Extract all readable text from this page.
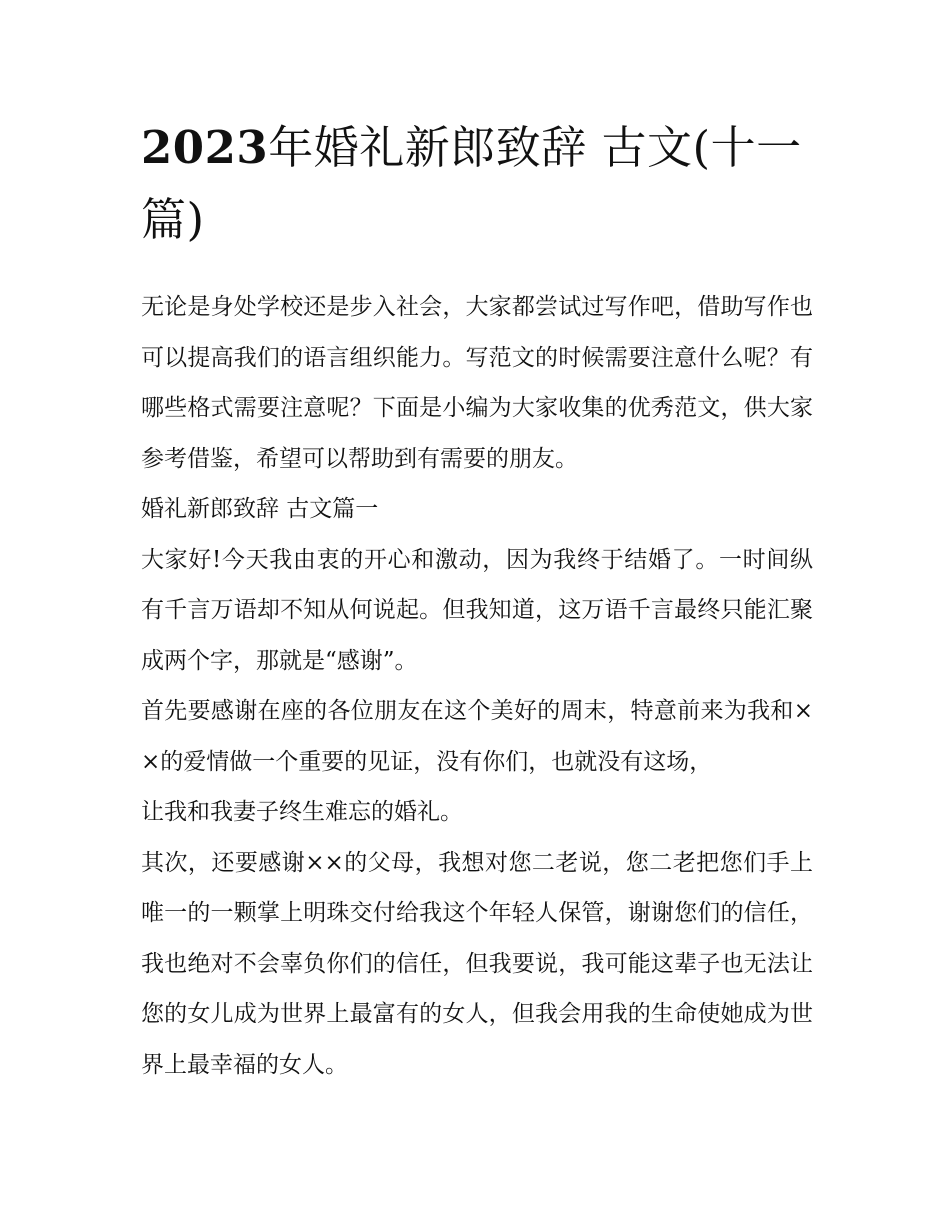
2023年婚礼新郎致辞 古文(十一篇)

无论是身处学校还是步入社会，大家都尝试过写作吧，借助写作也可以提高我们的语言组织能力。写范文的时候需要注意什么呢？有哪些格式需要注意呢？下面是小编为大家收集的优秀范文，供大家参考借鉴，希望可以帮助到有需要的朋友。

婚礼新郎致辞 古文篇一

大家好!今天我由衷的开心和激动，因为我终于结婚了。一时间纵有千言万语却不知从何说起。但我知道，这万语千言最终只能汇聚成两个字，那就是“感谢”。

首先要感谢在座的各位朋友在这个美好的周末，特意前来为我和××的爱情做一个重要的见证，没有你们，也就没有这场，

让我和我妻子终生难忘的婚礼。

其次，还要感谢××的父母，我想对您二老说，您二老把您们手上唯一的一颗掌上明珠交付给我这个年轻人保管，谢谢您们的信任，我也绝对不会辜负你们的信任，但我要说，我可能这辈子也无法让您的女儿成为世界上最富有的女人，但我会用我的生命使她成为世界上最幸福的女人。
